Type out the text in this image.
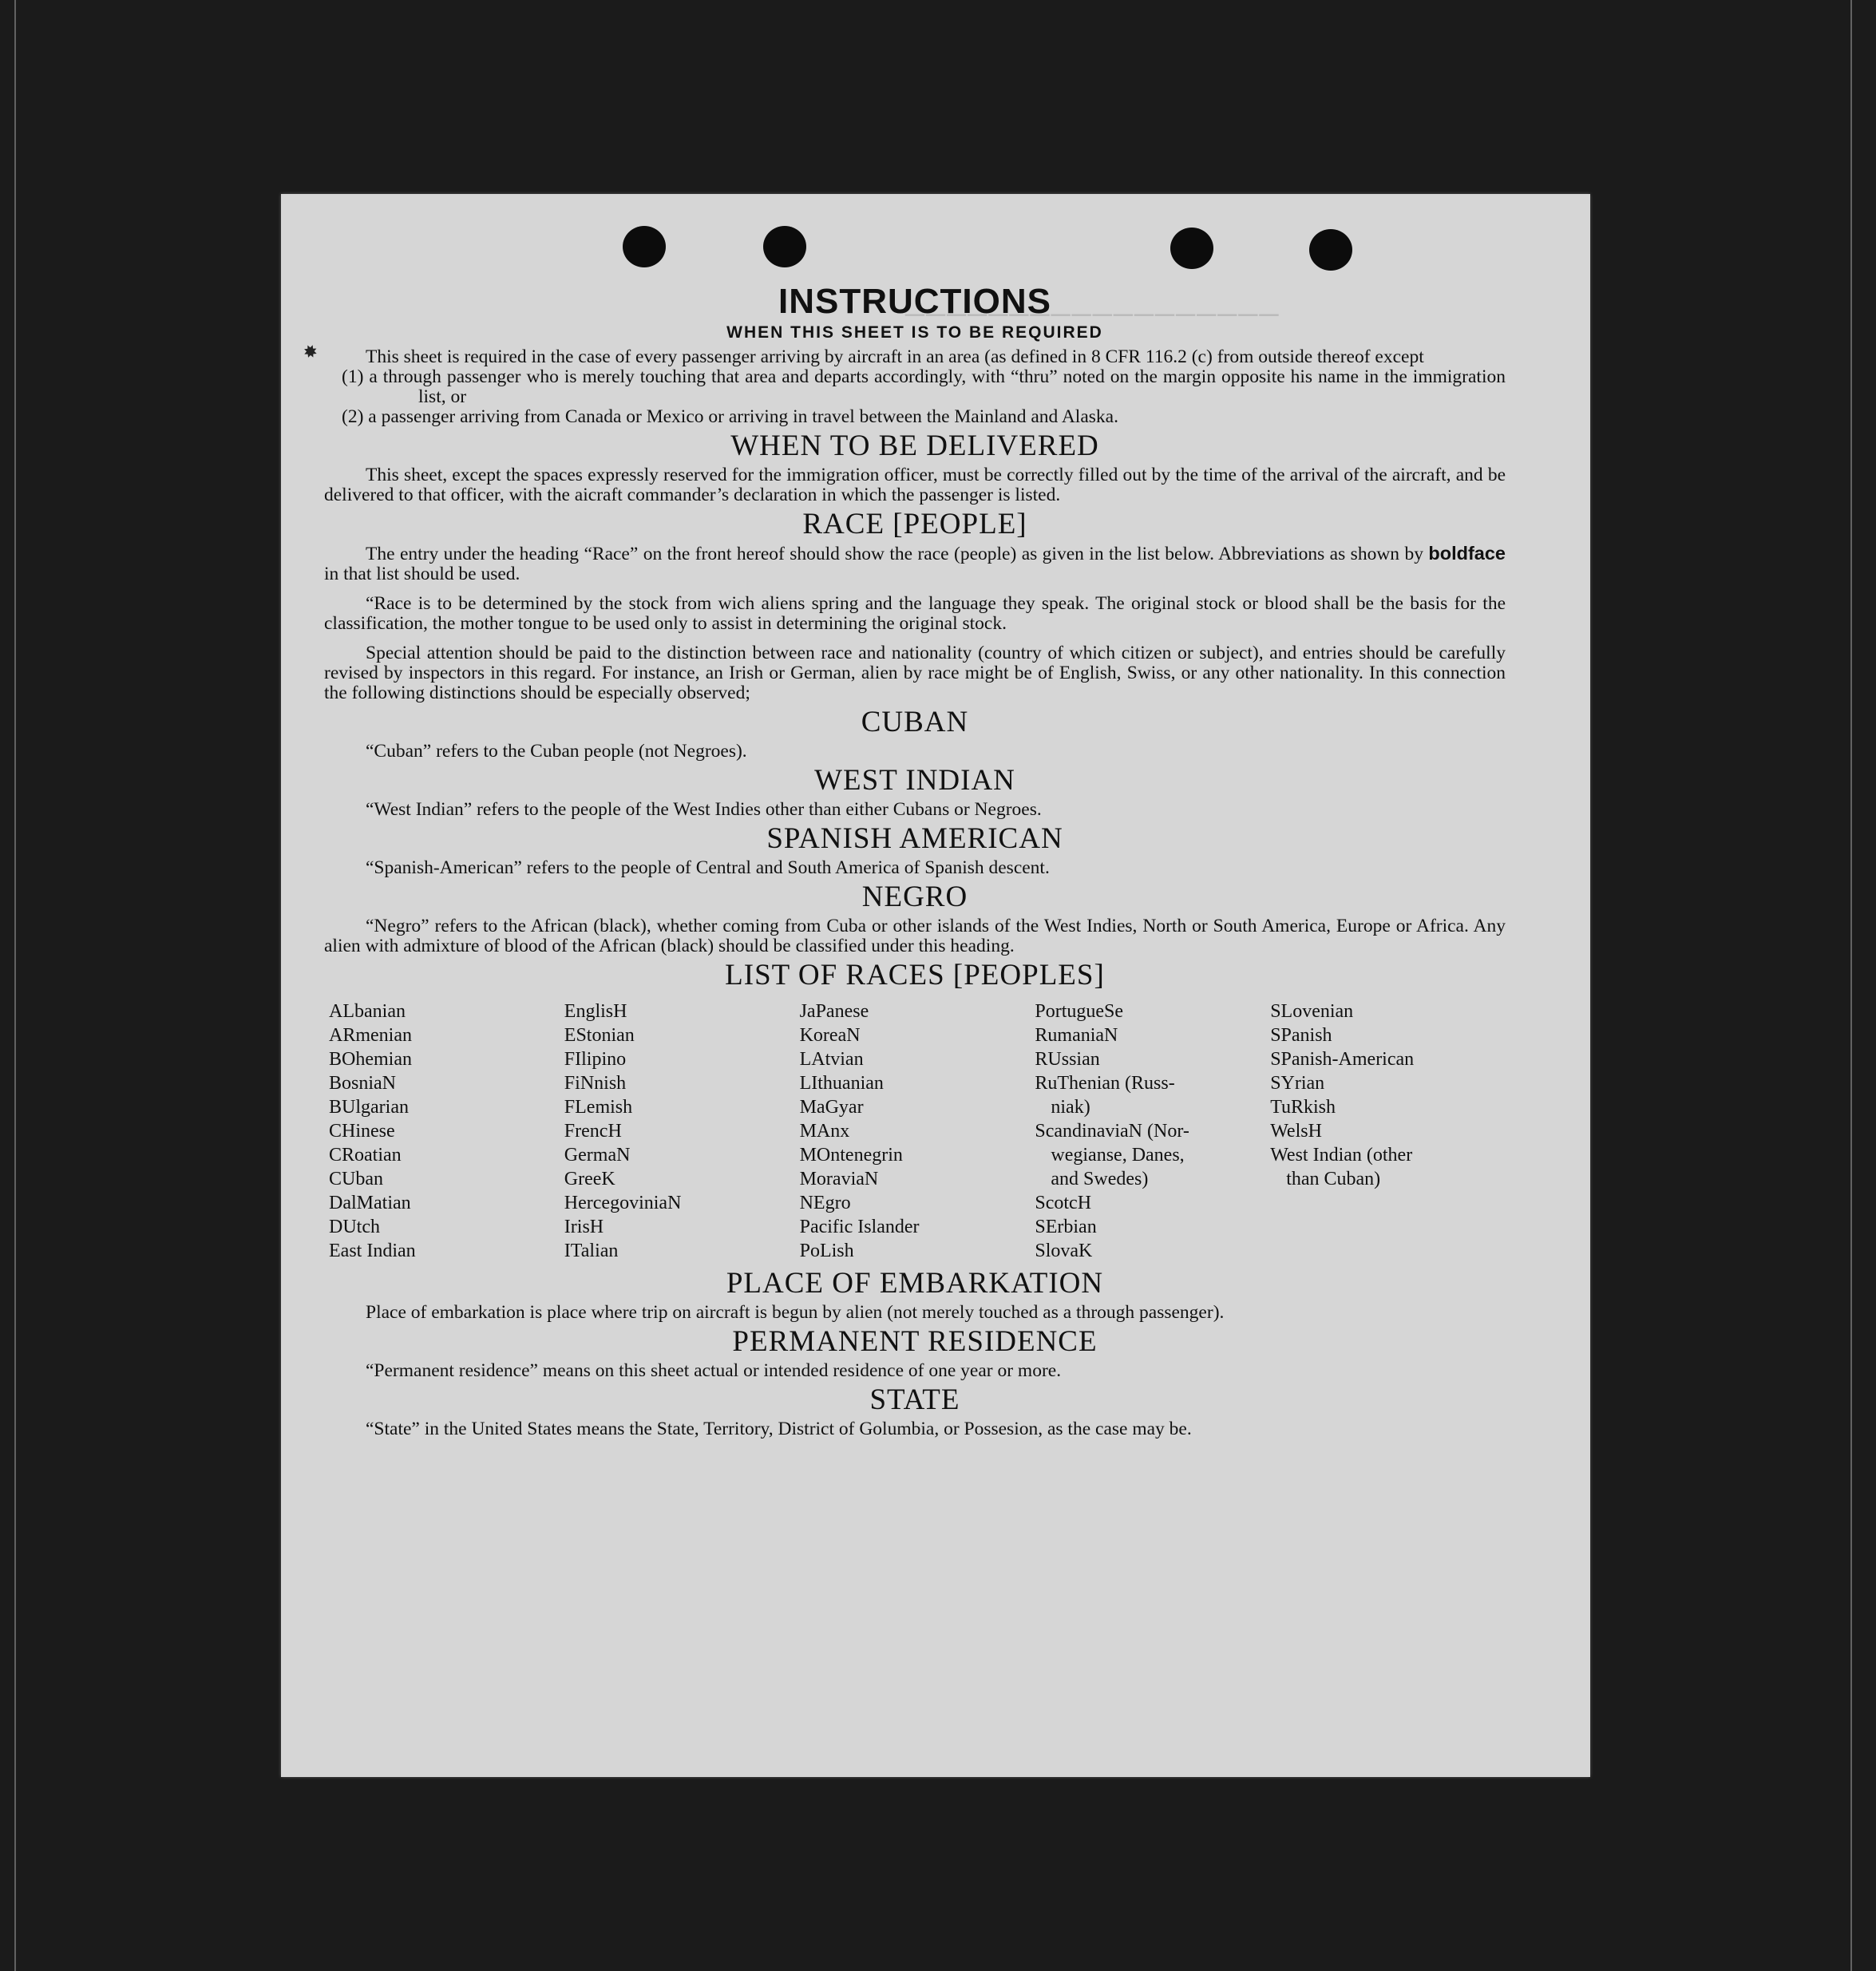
──────────────────
✸
INSTRUCTIONS
WHEN THIS SHEET IS TO BE REQUIRED

This sheet is required in the case of every passenger arriving by aircraft in an area (as defined in 8 CFR 116.2 (c) from outside thereof except

(1) a through passenger who is merely touching that area and departs accordingly, with “thru” noted on the margin opposite his name in the immigration list, or

(2) a passenger arriving from Canada or Mexico or arriving in travel between the Mainland and Alaska.

WHEN TO BE DELIVERED

This sheet, except the spaces expressly reserved for the immigration officer, must be correctly filled out by the time of the arrival of the aircraft, and be delivered to that officer, with the aicraft commander’s declaration in which the passenger is listed.

RACE [PEOPLE]

The entry under the heading “Race” on the front hereof should show the race (people) as given in the list below. Abbreviations as shown by boldface in that list should be used.

“Race is to be determined by the stock from wich aliens spring and the language they speak. The original stock or blood shall be the basis for the classification, the mother tongue to be used only to assist in determining the original stock.

Special attention should be paid to the distinction between race and nationality (country of which citizen or subject), and entries should be carefully revised by inspectors in this regard. For instance, an Irish or German, alien by race might be of English, Swiss, or any other nationality. In this connection the following distinctions should be especially observed;

CUBAN

“Cuban” refers to the Cuban people (not Negroes).

WEST INDIAN

“West Indian” refers to the people of the West Indies other than either Cubans or Negroes.

SPANISH AMERICAN

“Spanish-American” refers to the people of Central and South America of Spanish descent.

NEGRO

“Negro” refers to the African (black), whether coming from Cuba or other islands of the West Indies, North or South America, Europe or Africa. Any alien with admixture of blood of the African (black) should be classified under this heading.

LIST OF RACES [PEOPLES]
ALbanian
ARmenian
BOhemian
BosniaN
BUlgarian
CHinese
CRoatian
CUban
DalMatian
DUtch
East Indian
EnglisH
EStonian
FIlipino
FiNnish
FLemish
FrencH
GermaN
GreeK
HercegoviniaN
IrisH
ITalian
JaPanese
KoreaN
LAtvian
LIthuanian
MaGyar
MAnx
MOntenegrin
MoraviaN
NEgro
Pacific Islander
PoLish
PortugueSe
RumaniaN
RUssian
RuThenian (Russ-
niak)
ScandinaviaN (Nor-
wegianse, Danes,
and Swedes)
ScotcH
SErbian
SlovaK
SLovenian
SPanish
SPanish-American
SYrian
TuRkish
WelsH
West Indian (other
than Cuban)
PLACE OF EMBARKATION

Place of embarkation is place where trip on aircraft is begun by alien (not merely touched as a through passenger).

PERMANENT RESIDENCE

“Permanent residence” means on this sheet actual or intended residence of one year or more.

STATE

“State” in the United States means the State, Territory, District of Golumbia, or Possesion, as the case may be.
